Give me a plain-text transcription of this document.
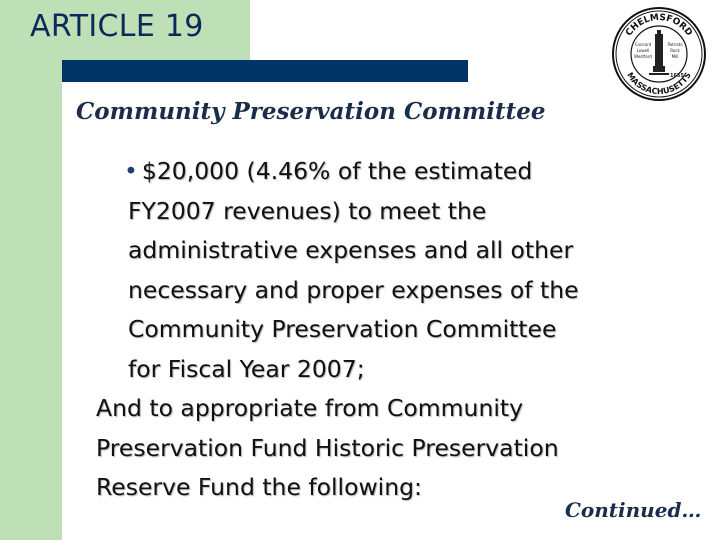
ARTICLE 19	CHELMSFORD
MASSACHUSETTS
Concord
Lowell
Westford
Patriots
Rock
Mill
1655
Community Preservation Committee
• $20,000 (4.46% of the estimated
FY2007 revenues) to meet the
administrative expenses and all other
necessary and proper expenses of the
Community Preservation Committee
for Fiscal Year 2007;
And to appropriate from Community
Preservation Fund Historic Preservation
Reserve Fund the following:
Continued…
